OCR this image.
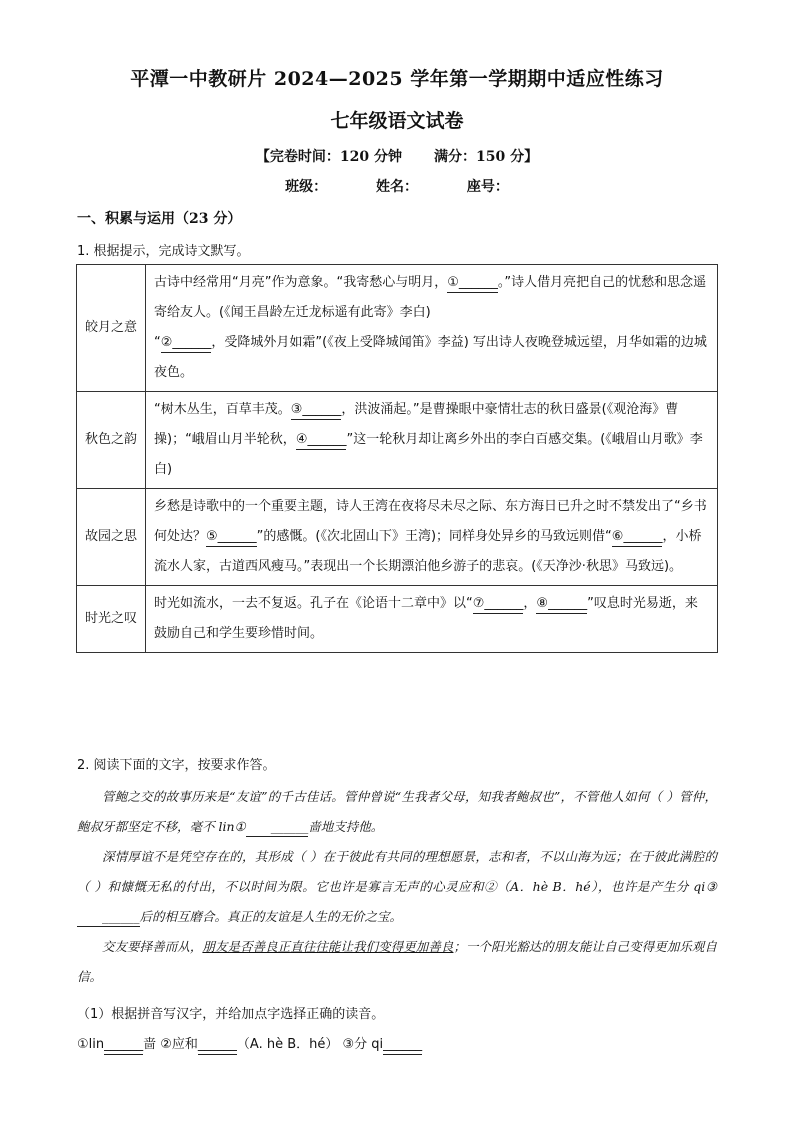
平潭一中教研片 2024—2025 学年第一学期期中适应性练习
七年级语文试卷
【完卷时间：120 分钟 满分：150 分】
班级：	姓名：	座号：
一、积累与运用（23 分）
1. 根据提示，完成诗文默写。
皎月之意	古诗中经常用“月亮”作为意象。“我寄愁心与明月，①______。”诗人借月亮把自己的忧愁和思念遥寄给友人。(《闻王昌龄左迁龙标遥有此寄》李白)
“②______，受降城外月如霜”(《夜上受降城闻笛》李益) 写出诗人夜晚登城远望，月华如霜的边城夜色。
秋色之韵	“树木丛生，百草丰茂。③______，洪波涌起。”是曹操眼中豪情壮志的秋日盛景(《观沧海》曹操)；“峨眉山月半轮秋，④______”这一轮秋月却让离乡外出的李白百感交集。(《峨眉山月歌》李白)
故园之思	乡愁是诗歌中的一个重要主题，诗人王湾在夜将尽未尽之际、东方海日已升之时不禁发出了“乡书何处达？⑤______”的感慨。(《次北固山下》王湾)；同样身处异乡的马致远则借“⑥______，小桥流水人家，古道西风瘦马。”表现出一个长期漂泊他乡游子的悲哀。(《天净沙·秋思》马致远)。
时光之叹	时光如流水，一去不复返。孔子在《论语十二章中》以“⑦______，⑧______”叹息时光易逝，来鼓励自己和学生要珍惜时间。
2. 阅读下面的文字，按要求作答。

管鲍之交的故事历来是“友谊”的千古佳话。管仲曾说“生我者父母，知我者鲍叔也”，不管他人如何（ ）管仲，鲍叔牙都坚定不移，毫不 lin① ______啬地支持他。

深情厚谊不是凭空存在的，其形成（ ）在于彼此有共同的理想愿景，志和者，不以山海为远；在于彼此满腔的（ ）和慷慨无私的付出，不以时间为限。它也许是寡言无声的心灵应和②（A．hè B．hé），也许是产生分 qi③______后的相互磨合。真正的友谊是人生的无价之宝。

交友要择善而从，朋友是否善良正直往往能让我们变得更加善良；一个阳光豁达的朋友能让自己变得更加乐观自信。

（1）根据拼音写汉字，并给加点字选择正确的读音。
①lin______啬 ②应和______（A. hè B．hé） ③分 qi______
